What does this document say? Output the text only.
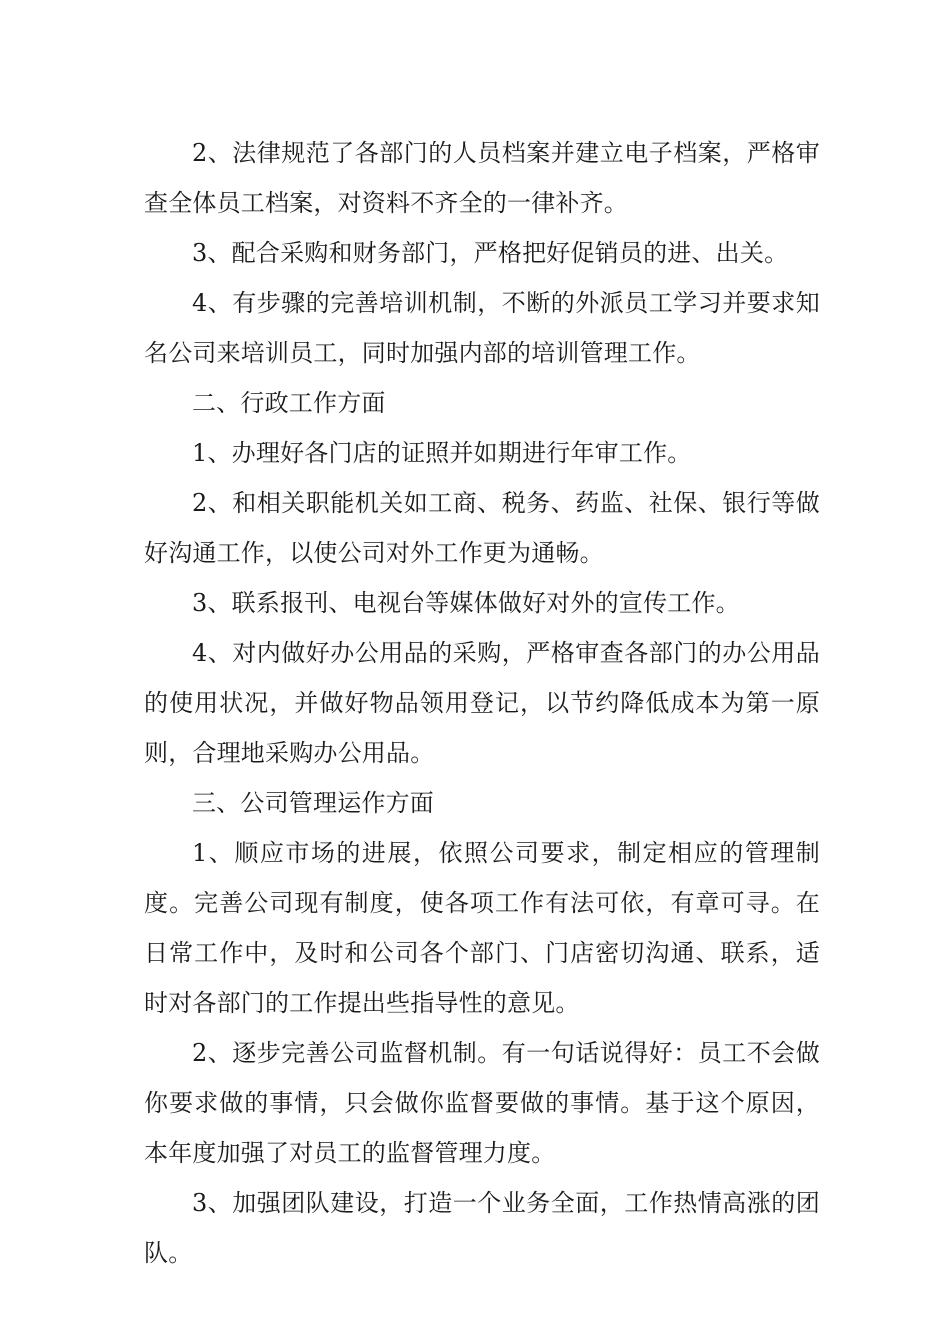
2、法律规范了各部门的人员档案并建立电子档案，严格审查全体员工档案，对资料不齐全的一律补齐。

3、配合采购和财务部门，严格把好促销员的进、出关。

4、有步骤的完善培训机制，不断的外派员工学习并要求知名公司来培训员工，同时加强内部的培训管理工作。

二、行政工作方面

1、办理好各门店的证照并如期进行年审工作。

2、和相关职能机关如工商、税务、药监、社保、银行等做好沟通工作，以使公司对外工作更为通畅。

3、联系报刊、电视台等媒体做好对外的宣传工作。

4、对内做好办公用品的采购，严格审查各部门的办公用品的使用状况，并做好物品领用登记，以节约降低成本为第一原则，合理地采购办公用品。

三、公司管理运作方面

1、顺应市场的进展，依照公司要求，制定相应的管理制度。完善公司现有制度，使各项工作有法可依，有章可寻。在日常工作中，及时和公司各个部门、门店密切沟通、联系，适时对各部门的工作提出些指导性的意见。

2、逐步完善公司监督机制。有一句话说得好：员工不会做你要求做的事情，只会做你监督要做的事情。基于这个原因，本年度加强了对员工的监督管理力度。

3、加强团队建设，打造一个业务全面，工作热情高涨的团队。
